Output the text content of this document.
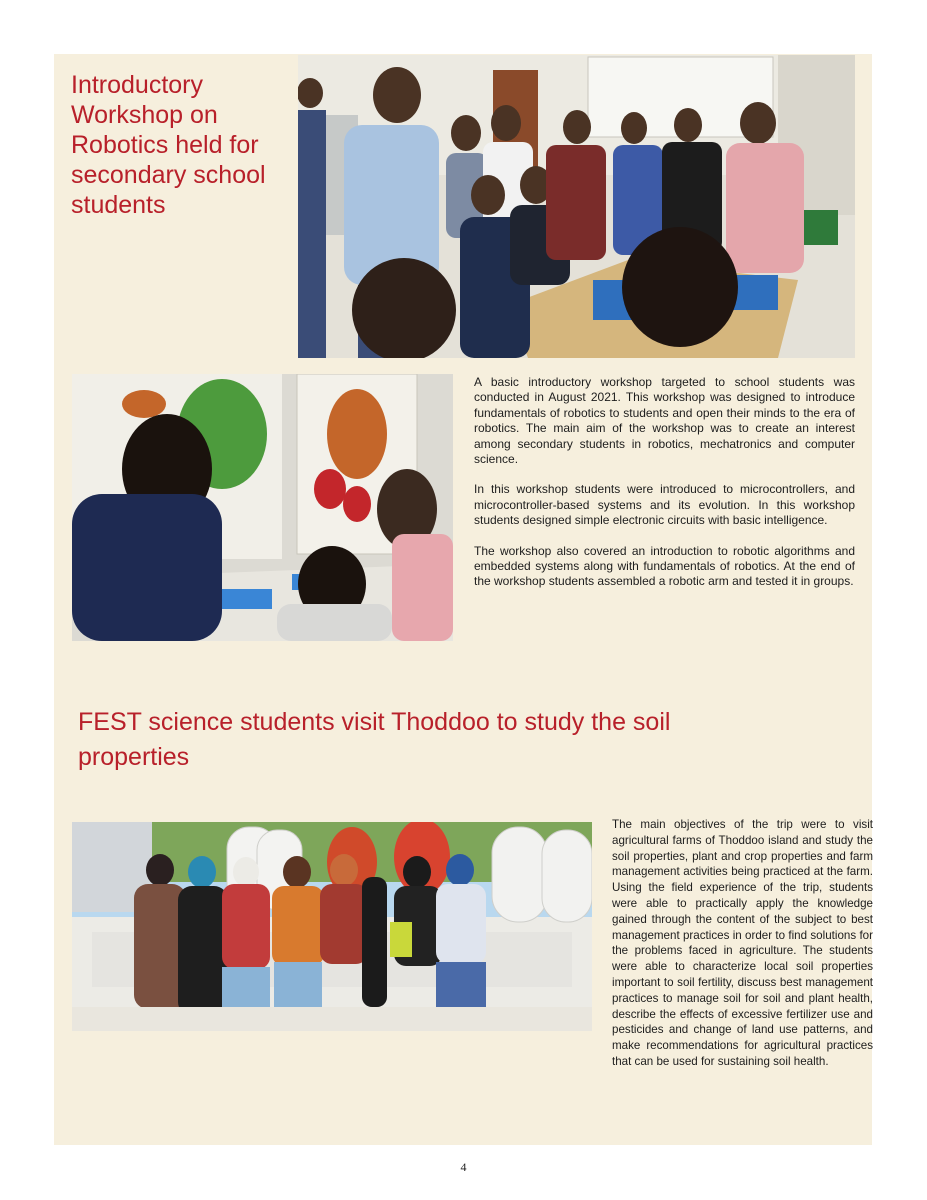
Introductory Workshop on Robotics held for secondary school students

A basic introductory workshop targeted to school students was conducted in August 2021. This workshop was designed to introduce fundamentals of robotics to students and open their minds to the era of robotics. The main aim of the workshop was to create an interest among secondary students in robotics, mechatronics and computer science.

In this workshop students were introduced to microcontrollers, and microcontroller-based systems and its evolution. In this workshop students designed simple electronic circuits with basic intelligence.

The workshop also covered an introduction to robotic algorithms and embedded systems along with fundamentals of robotics. At the end of the workshop students assembled a robotic arm and tested it in groups.

FEST science students visit Thoddoo to study the soil properties
The main objectives of the trip were to visit agricultural farms of Thoddoo island and study the soil properties, plant and crop properties and farm management activities being practiced at the farm. Using the field experience of the trip, students were able to practically apply the knowledge gained through the content of the subject to best management practices in order to find solutions for the problems faced in agriculture. The students were able to characterize local soil properties important to soil fertility, discuss best management practices to manage soil for soil and plant health, describe the effects of excessive fertilizer use and pesticides and change of land use patterns, and make recommendations for agricultural practices that can be used for sustaining soil health.
4
